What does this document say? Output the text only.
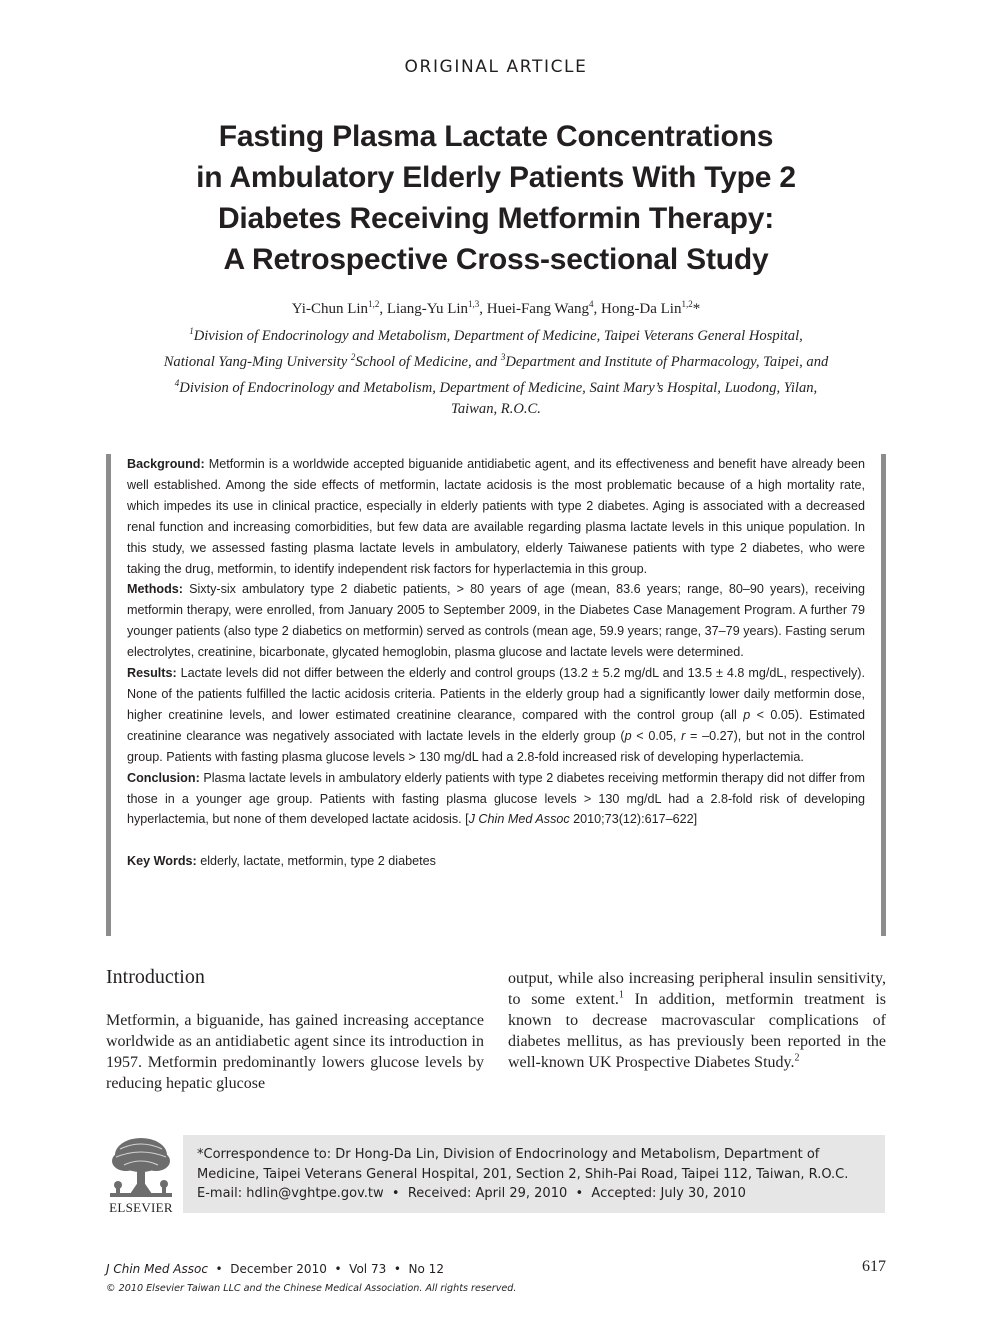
ORIGINAL ARTICLE
Fasting Plasma Lactate Concentrations
in Ambulatory Elderly Patients With Type 2
Diabetes Receiving Metformin Therapy:
A Retrospective Cross-sectional Study
Yi-Chun Lin$^{1,2}$, Liang-Yu Lin$^{1,3}$, Huei-Fang Wang$^4$, Hong-Da Lin$^{1,2}$*
$^1$Division of Endocrinology and Metabolism, Department of Medicine, Taipei Veterans General Hospital,
National Yang-Ming University $^2$School of Medicine, and $^3$Department and Institute of Pharmacology, Taipei, and
$^4$Division of Endocrinology and Metabolism, Department of Medicine, Saint Mary’s Hospital, Luodong, Yilan,
Taiwan, R.O.C.

Background: Metformin is a worldwide accepted biguanide antidiabetic agent, and its effectiveness and benefit have already been well established. Among the side effects of metformin, lactate acidosis is the most problematic because of a high mortality rate, which impedes its use in clinical practice, especially in elderly patients with type 2 diabetes. Aging is associated with a decreased renal function and increasing comorbidities, but few data are available regarding plasma lactate levels in this unique population. In this study, we assessed fasting plasma lactate levels in ambulatory, elderly Taiwanese patients with type 2 diabetes, who were taking the drug, metformin, to identify independent risk factors for hyperlactemia in this group.

Methods: Sixty-six ambulatory type 2 diabetic patients, > 80 years of age (mean, 83.6 years; range, 80–90 years), receiving metformin therapy, were enrolled, from January 2005 to September 2009, in the Diabetes Case Management Program. A further 79 younger patients (also type 2 diabetics on metformin) served as controls (mean age, 59.9 years; range, 37–79 years). Fasting serum electrolytes, creatinine, bicarbonate, glycated hemoglobin, plasma glucose and lactate levels were determined.

Results: Lactate levels did not differ between the elderly and control groups (13.2 ± 5.2 mg/dL and 13.5 ± 4.8 mg/dL, respectively). None of the patients fulfilled the lactic acidosis criteria. Patients in the elderly group had a significantly lower daily metformin dose, higher creatinine levels, and lower estimated creatinine clearance, compared with the control group (all p < 0.05). Estimated creatinine clearance was negatively associated with lactate levels in the elderly group (p < 0.05, r = –0.27), but not in the control group. Patients with fasting plasma glucose levels > 130 mg/dL had a 2.8-fold increased risk of developing hyperlactemia.

Conclusion: Plasma lactate levels in ambulatory elderly patients with type 2 diabetes receiving metformin therapy did not differ from those in a younger age group. Patients with fasting plasma glucose levels > 130 mg/dL had a 2.8-fold risk of developing hyperlactemia, but none of them developed lactate acidosis. [J Chin Med Assoc 2010;73(12):617–622]

Key Words: elderly, lactate, metformin, type 2 diabetes

Introduction
Metformin, a biguanide, has gained increasing acceptance worldwide as an antidiabetic agent since its introduction in 1957. Metformin predominantly lowers glucose levels by reducing hepatic glucose
output, while also increasing peripheral insulin sensitivity, to some extent.$^1$ In addition, metformin treatment is known to decrease macrovascular complications of diabetes mellitus, as has previously been reported in the well-known UK Prospective Diabetes Study.$^2$
ELSEVIER
*Correspondence to: Dr Hong-Da Lin, Division of Endocrinology and Metabolism, Department of
Medicine, Taipei Veterans General Hospital, 201, Section 2, Shih-Pai Road, Taipei 112, Taiwan, R.O.C.
E-mail: hdlin@vghtpe.gov.tw  •  Received: April 29, 2010  •  Accepted: July 30, 2010
J Chin Med Assoc  •  December 2010  •  Vol 73  •  No 12	617
© 2010 Elsevier Taiwan LLC and the Chinese Medical Association. All rights reserved.
